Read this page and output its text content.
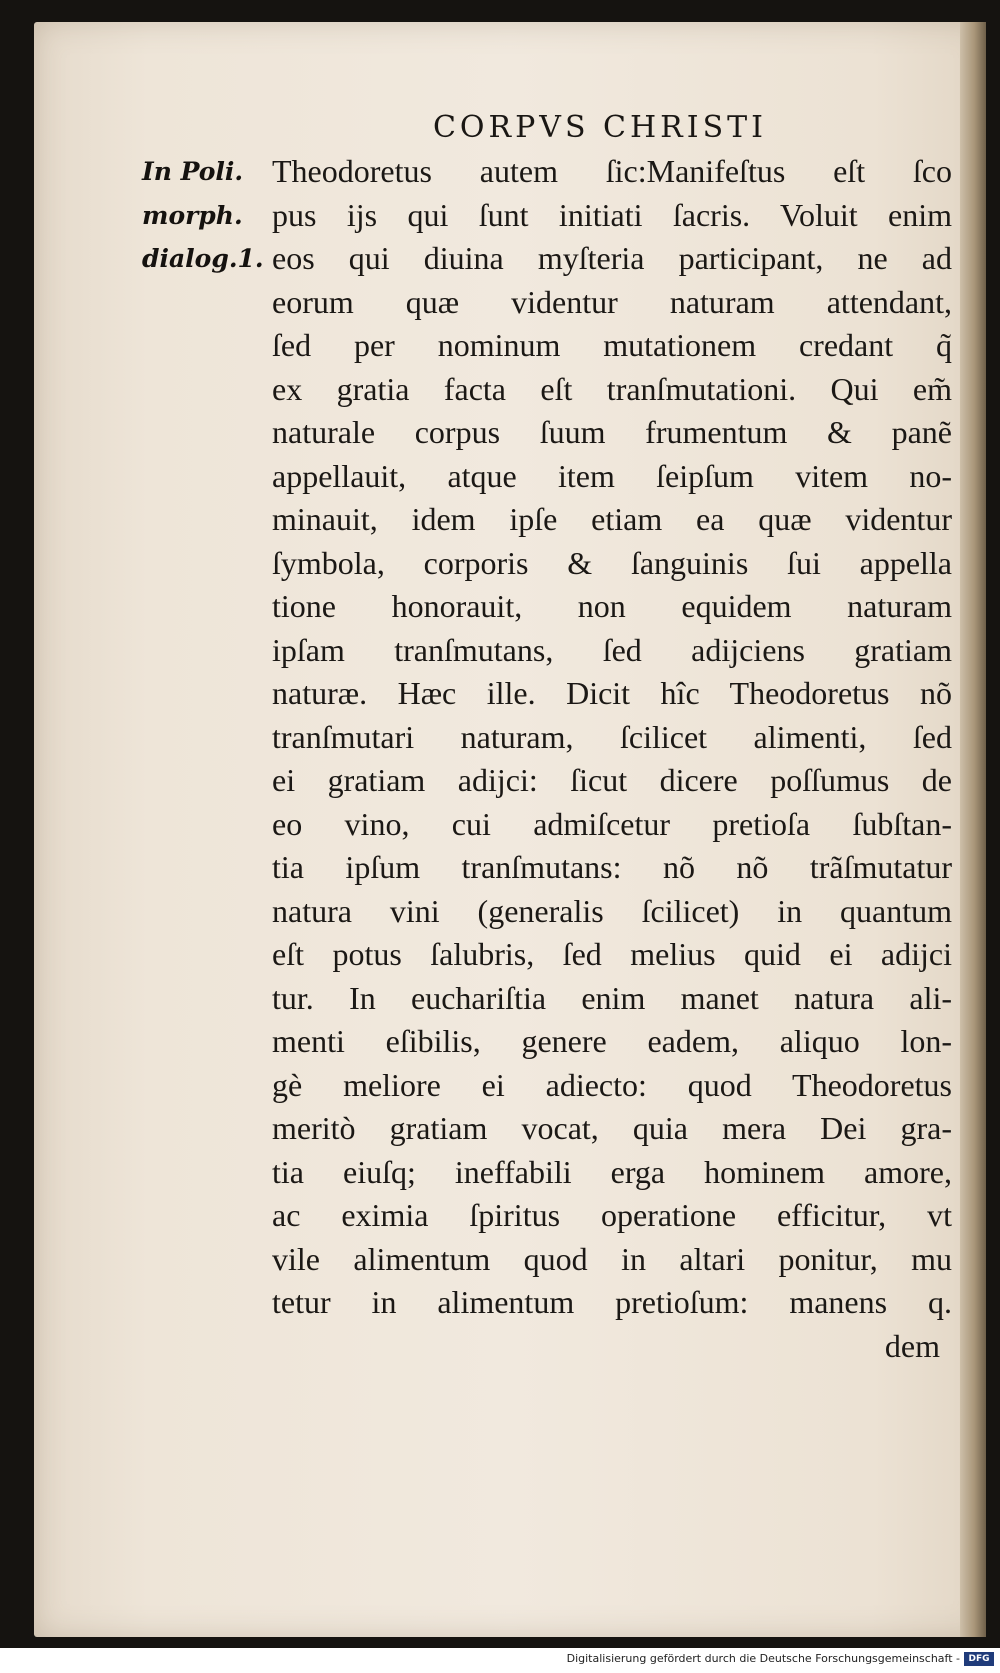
CORPVS CHRISTI
In Poli.
morph.
dialog.1.
Theodoretus autem ſic:Manifeſtus eſt ſco
pus ijs qui ſunt initiati ſacris. Voluit enim
eos qui diuina myſteria participant, ne ad
eorum quæ videntur naturam attendant,
ſed per nominum mutationem credant q̃
ex gratia facta eſt tranſmutationi. Qui em̃
naturale corpus ſuum frumentum & panẽ
appellauit, atque item ſeipſum vitem no-
minauit, idem ipſe etiam ea quæ videntur
ſymbola, corporis & ſanguinis ſui appella
tione honorauit, non equidem naturam
ipſam tranſmutans, ſed adijciens gratiam
naturæ. Hæc ille. Dicit hîc Theodoretus nõ
tranſmutari naturam, ſcilicet alimenti, ſed
ei gratiam adijci: ſicut dicere poſſumus de
eo vino, cui admiſcetur pretioſa ſubſtan-
tia ipſum tranſmutans: nõ nõ trãſmutatur
natura vini (generalis ſcilicet) in quantum
eſt potus ſalubris, ſed melius quid ei adijci
tur. In euchariſtia enim manet natura ali-
menti eſibilis, genere eadem, aliquo lon-
gè meliore ei adiecto: quod Theodoretus
meritò gratiam vocat, quia mera Dei gra-
tia eiuſq; ineffabili erga hominem amore,
ac eximia ſpiritus operatione efficitur, vt
vile alimentum quod in altari ponitur, mu
tetur in alimentum pretioſum: manens q.
dem
Digitalisierung gefördert durch die Deutsche Forschungsgemeinschaft - DFG
